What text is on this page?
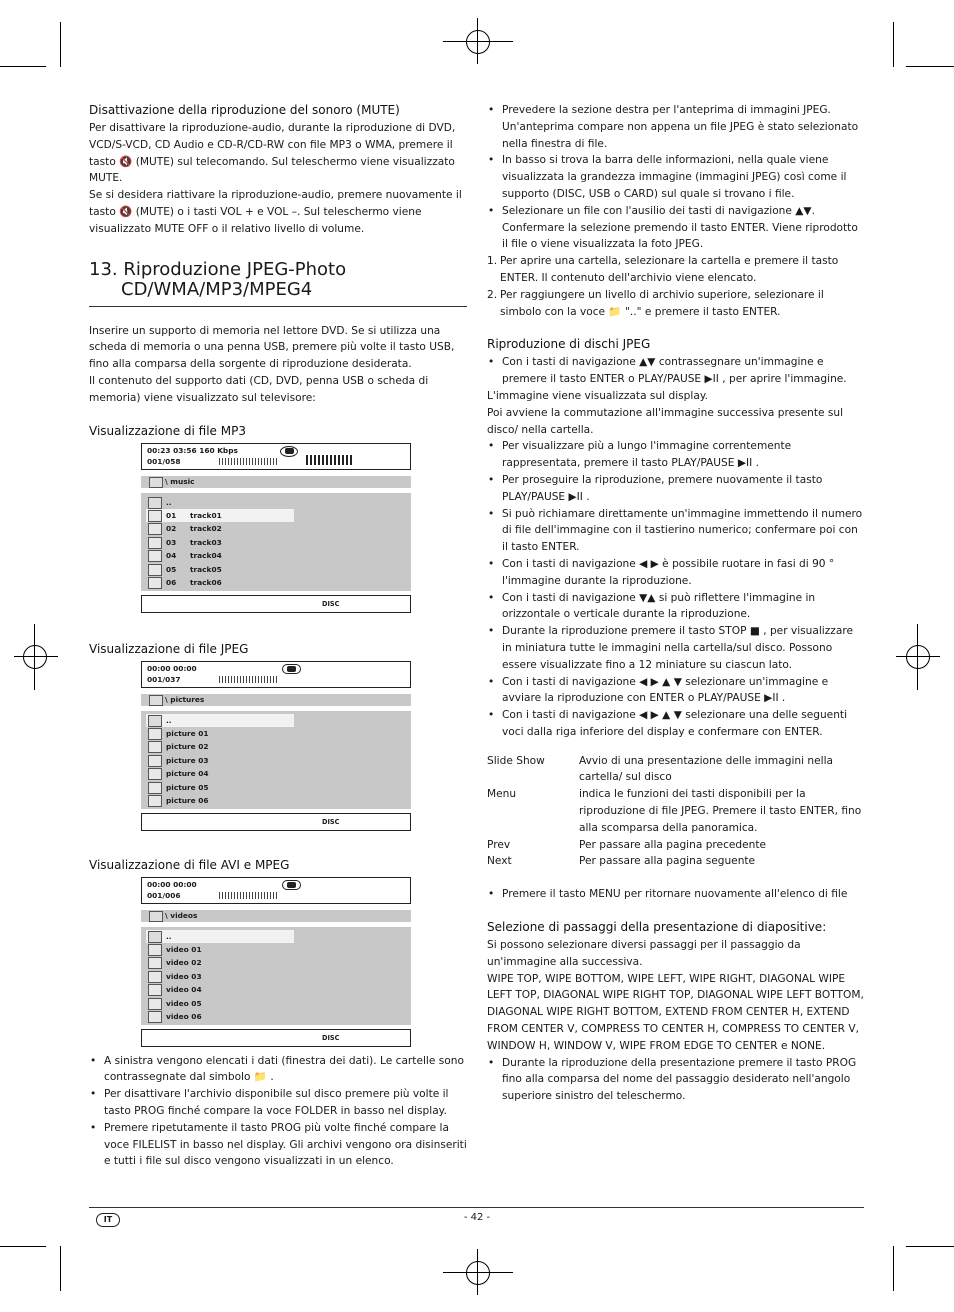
Disattivazione della riproduzione del sonoro (MUTE)

Per disattivare la riproduzione-audio, durante la riproduzione di DVD, VCD/S-VCD, CD Audio e CD-R/CD-RW con file MP3 o WMA, premere il tasto 🔇 (MUTE) sul telecomando. Sul teleschermo viene visualizzato MUTE.

Se si desidera riattivare la riproduzione-audio, premere nuovamente il tasto 🔇 (MUTE) o i tasti VOL + e VOL –. Sul teleschermo viene visualizzato MUTE OFF o il relativo livello di volume.

13. Riproduzione JPEG-Photo
CD/WMA/MP3/MPEG4

Inserire un supporto di memoria nel lettore DVD. Se si utilizza una scheda di memoria o una penna USB, premere più volte il tasto USB, fino alla comparsa della sorgente di riproduzione desiderata.

Il contenuto del supporto dati (CD, DVD, penna USB o scheda di memoria) viene visualizzato sul televisore:

Visualizzazione di file MP3

00:23 03:56 160 Kbps
001/058
\ music
..
01 track01
02 track02
03 track03
04 track04
05 track05
06 track06
DISC

Visualizzazione di file JPEG

00:00 00:00
001/037
\ pictures
..
picture 01
picture 02
picture 03
picture 04
picture 05
picture 06
DISC

Visualizzazione di file AVI e MPEG

00:00 00:00
001/006
\ videos
..
video 01
video 02
video 03
video 04
video 05
video 06
DISC

• A sinistra vengono elencati i dati (finestra dei dati). Le cartelle sono contrassegnate dal simbolo 📁 .

• Per disattivare l'archivio disponibile sul disco premere più volte il tasto PROG finché compare la voce FOLDER in basso nel display.

• Premere ripetutamente il tasto PROG più volte finché compare la voce FILELIST in basso nel display. Gli archivi vengono ora disinseriti e tutti i file sul disco vengono visualizzati in un elenco.

• Prevedere la sezione destra per l'anteprima di immagini JPEG. Un'anteprima compare non appena un file JPEG è stato selezionato nella finestra di file.

• In basso si trova la barra delle informazioni, nella quale viene visualizzata la grandezza immagine (immagini JPEG) così come il supporto (DISC, USB o CARD) sul quale si trovano i file.

• Selezionare un file con l'ausilio dei tasti di navigazione ▲▼. Confermare la selezione premendo il tasto ENTER. Viene riprodotto il file o viene visualizzata la foto JPEG.

1. Per aprire una cartella, selezionare la cartella e premere il tasto ENTER. Il contenuto dell'archivio viene elencato.

2. Per raggiungere un livello di archivio superiore, selezionare il simbolo con la voce 📁 ".." e premere il tasto ENTER.

Riproduzione di dischi JPEG

• Con i tasti di navigazione ▲▼ contrassegnare un'immagine e premere il tasto ENTER o PLAY/PAUSE ▶II , per aprire l'immagine.

L'immagine viene visualizzata sul display.

Poi avviene la commutazione all'immagine successiva presente sul disco/ nella cartella.

• Per visualizzare più a lungo l'immagine correntemente rappresentata, premere il tasto PLAY/PAUSE ▶II .

• Per proseguire la riproduzione, premere nuovamente il tasto PLAY/PAUSE ▶II .

• Si può richiamare direttamente un'immagine immettendo il numero di file dell'immagine con il tastierino numerico; confermare poi con il tasto ENTER.

• Con i tasti di navigazione ◀ ▶ è possibile ruotare in fasi di 90 ° l'immagine durante la riproduzione.

• Con i tasti di navigazione ▼▲ si può riflettere l'immagine in orizzontale o verticale durante la riproduzione.

• Durante la riproduzione premere il tasto STOP ■ , per visualizzare in miniatura tutte le immagini nella cartella/sul disco. Possono essere visualizzate fino a 12 miniature su ciascun lato.

• Con i tasti di navigazione ◀ ▶ ▲ ▼ selezionare un'immagine e avviare la riproduzione con ENTER o PLAY/PAUSE ▶II .

• Con i tasti di navigazione ◀ ▶ ▲ ▼ selezionare una delle seguenti voci dalla riga inferiore del display e confermare con ENTER.

Slide Show	Avvio di una presentazione delle immagini nella cartella/ sul disco
Menu	indica le funzioni dei tasti disponibili per la riproduzione di file JPEG. Premere il tasto ENTER, fino alla scomparsa della panoramica.
Prev	Per passare alla pagina precedente
Next	Per passare alla pagina seguente

• Premere il tasto MENU per ritornare nuovamente all'elenco di file

Selezione di passaggi della presentazione di diapositive:

Si possono selezionare diversi passaggi per il passaggio da un'immagine alla successiva.

WIPE TOP, WIPE BOTTOM, WIPE LEFT, WIPE RIGHT, DIAGONAL WIPE LEFT TOP, DIAGONAL WIPE RIGHT TOP, DIAGONAL WIPE LEFT BOTTOM, DIAGONAL WIPE RIGHT BOTTOM, EXTEND FROM CENTER H, EXTEND FROM CENTER V, COMPRESS TO CENTER H, COMPRESS TO CENTER V, WINDOW H, WINDOW V, WIPE FROM EDGE TO CENTER e NONE.

• Durante la riproduzione della presentazione premere il tasto PROG fino alla comparsa del nome del passaggio desiderato nell'angolo superiore sinistro del teleschermo.

IT	- 42 -
